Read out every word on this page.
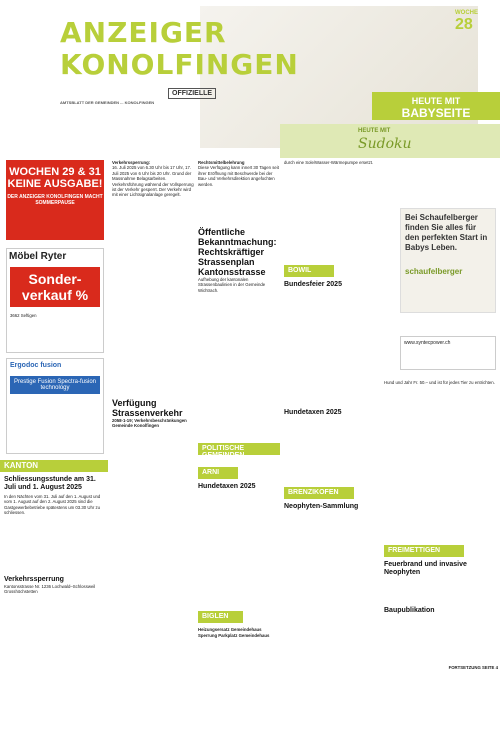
ANZEIGER
KONOLFINGEN
OFFIZIELLE
AMTSBLATT DER GEMEINDEN ... KONOLFINGEN
WOCHE
28
HEUTE MIT
BABYSEITE
HEUTE MIT
Sudoku
WOCHEN 29 & 31 KEINE AUSGABE!
DER ANZEIGER KONOLFINGEN MACHT SOMMERPAUSE
Möbel Ryter
Sonder-verkauf %
3662 Seftigen
Ergodoc fusion
Prestige Fusion Spectra-fusion technology
KANTON
Schliessungsstunde am 31. Juli und 1. August 2025
In den Nächten vom 31. Juli auf den 1. August und vom 1. August auf den 2. August 2025 sind die Gastgewerbebetriebe spätestens um 03.30 Uhr zu schliessen.
Verkehrssperrung
Kantonsstrasse Nr. 1236 Lochwald–Schlossweil Grosshöchstetten
Verkehrssperrung:
16. Juli 2025 von 6.30 Uhr bis 17 Uhr, 17. Juli 2025 von 6 Uhr bis 20 Uhr. Grund der Massnahme Belagsarbeiten. Verkehrsführung während der Vollsperrung ist der Verkehr gesperrt. Der Verkehr wird mit einer Lichtsignalanlage geregelt.
Verfügung Strassenverkehr
2058-1-19; Verkehrsbeschränkungen Gemeinde Konolfingen
Rechtsmittelbelehrung
Diese Verfügung kann innert 30 Tagen seit ihrer Eröffnung mit Beschwerde bei der Bau- und Verkehrsdirektion angefochten werden.
Öffentliche Bekanntmachung: Rechtskräftiger Strassenplan Kantonsstrasse
Aufhebung der kantonalen Strassenbaulinien in der Gemeinde Wichtrach.
POLITISCHE GEMEINDEN
ARNI
Hundetaxen 2025
BIGLEN
Heizungsersatz Gemeindehaus Sperrung Parkplatz Gemeindehaus
durch eine Sole/Wasser-Wärmepumpe ersetzt.
BOWIL
Bundesfeier 2025
Hundetaxen 2025
BRENZIKOFEN
Neophyten-Sammlung
Bei Schaufelberger finden Sie alles für den perfekten Start in Babys Leben.
schaufelberger
www.syntecpower.ch
Hund und Jahr Fr. 50.– und ist für jedes Tier zu entrichten.
FREIMETTIGEN
Feuerbrand und invasive Neophyten
Baupublikation
FORTSETZUNG SEITE 4
